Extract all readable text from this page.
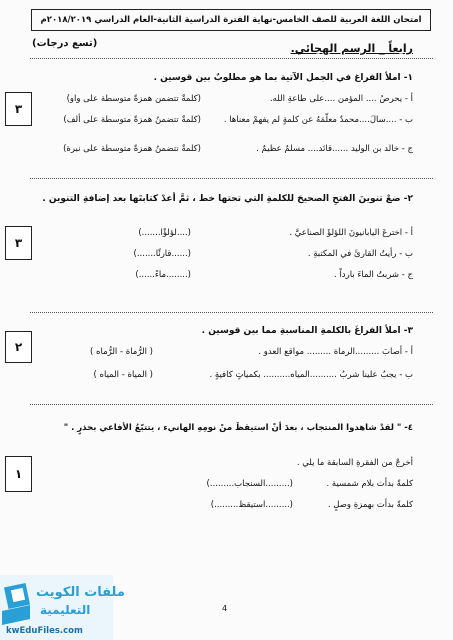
امتحان اللغة العربية للصف الخامس-نهاية الفترة الدراسية الثانية-العام الدراسي ٢٠١٨/٢٠١٩م
رابعاً _ الرسم الهجائي.
(تسع درجات)
١- املأ الفراغ في الجمل الآتية بما هو مطلوبٌ بين قوسين .
أ - يحرصُ .... المؤمن ....على طاعةِ الله.
(كلمةٌ تتضمن همزةً متوسطة على واو)
ب - ....سالَ....محمدٌ معلّمَهُ عن كلمةٍ لم يفهمْ معناها .
(كلمةٌ تتضمنُ همزةً متوسطة على ألف)
ج - خالد بن الوليد ......قائد.... مسلمٌ عظيمٌ .
(كلمةٌ تتضمنُ همزةً متوسطة على نبرة)
٣
٢- ضعْ تنوينَ الفتحِ الصحيحَ للكلمةِ التي تحتها خط ، ثمَّ أعدْ كتابتَها بعد إضافةِ التنوين .
أ - اخترعَ اليابانيونَ اللؤلؤَ الصناعيَّ .
(....لؤلؤًا.......)
ب - رأيتُ القارئَ في المكتبةِ .
(......قارئًا.......)
ج - شربتُ الماءَ بارداً .
(........ماءً......)
٣
٣- املأ الفراغَ بالكلمةِ المناسبةِ مما بين قوسين .
أ - أصابَ .........الرماة ......... مواقع العدو .
( الرُّماة - الرُّماه )
ب - يجبُ علينا شربُ ..........المياه.......... بكمياتٍ كافيةٍ .
( المياة - المياه )
٢
٤- " لقدْ شاهدوا المنتجاب ، بعدَ أنْ استيقظَ منْ نومِهِ الهانيء ، يتتبّعُ الأفاعي بحذرٍ . "
أخرجْ من الفقرةِ السابقة ما يلي .
كلمةً بدأت بلام شمسية .
(.........السنجاب.........)
كلمةً بدأت بهمزةِ وصلٍ .
(.........استيقظ.........)
١
4
ملفات الكويت
التعليمية
kwEduFiles.com
